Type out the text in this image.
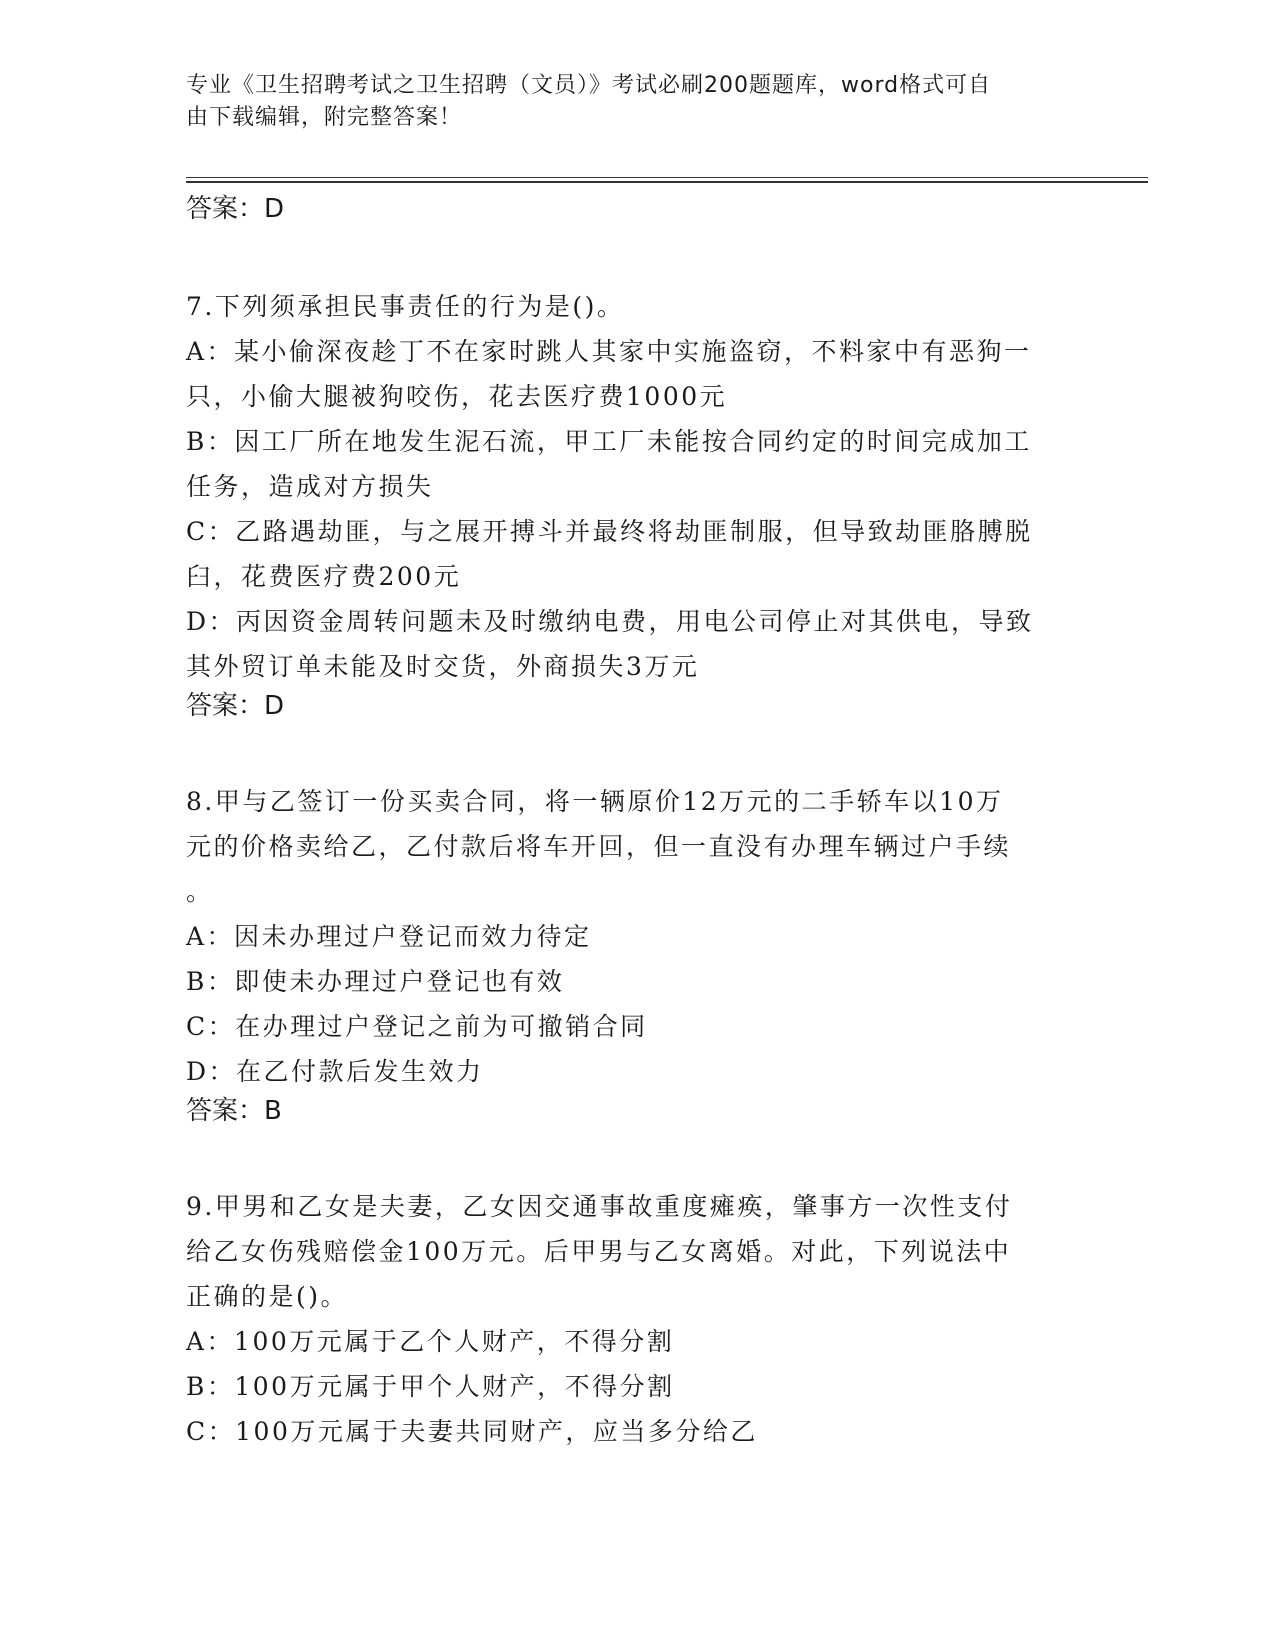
专业《卫生招聘考试之卫生招聘（文员）》考试必刷200题题库，word格式可自
由下载编辑，附完整答案！

答案：D

7.下列须承担民事责任的行为是()。

A：某小偷深夜趁丁不在家时跳人其家中实施盗窃，不料家中有恶狗一

只，小偷大腿被狗咬伤，花去医疗费1000元

B：因工厂所在地发生泥石流，甲工厂未能按合同约定的时间完成加工

任务，造成对方损失

C：乙路遇劫匪，与之展开搏斗并最终将劫匪制服，但导致劫匪胳膊脱

臼，花费医疗费200元

D：丙因资金周转问题未及时缴纳电费，用电公司停止对其供电，导致

其外贸订单未能及时交货，外商损失3万元

答案：D

8.甲与乙签订一份买卖合同，将一辆原价12万元的二手轿车以10万

元的价格卖给乙，乙付款后将车开回，但一直没有办理车辆过户手续

。

A：因未办理过户登记而效力待定

B：即使未办理过户登记也有效

C：在办理过户登记之前为可撤销合同

D：在乙付款后发生效力

答案：B

9.甲男和乙女是夫妻，乙女因交通事故重度瘫痪，肇事方一次性支付

给乙女伤残赔偿金100万元。后甲男与乙女离婚。对此，下列说法中

正确的是()。

A：100万元属于乙个人财产，不得分割

B：100万元属于甲个人财产，不得分割

C：100万元属于夫妻共同财产，应当多分给乙
